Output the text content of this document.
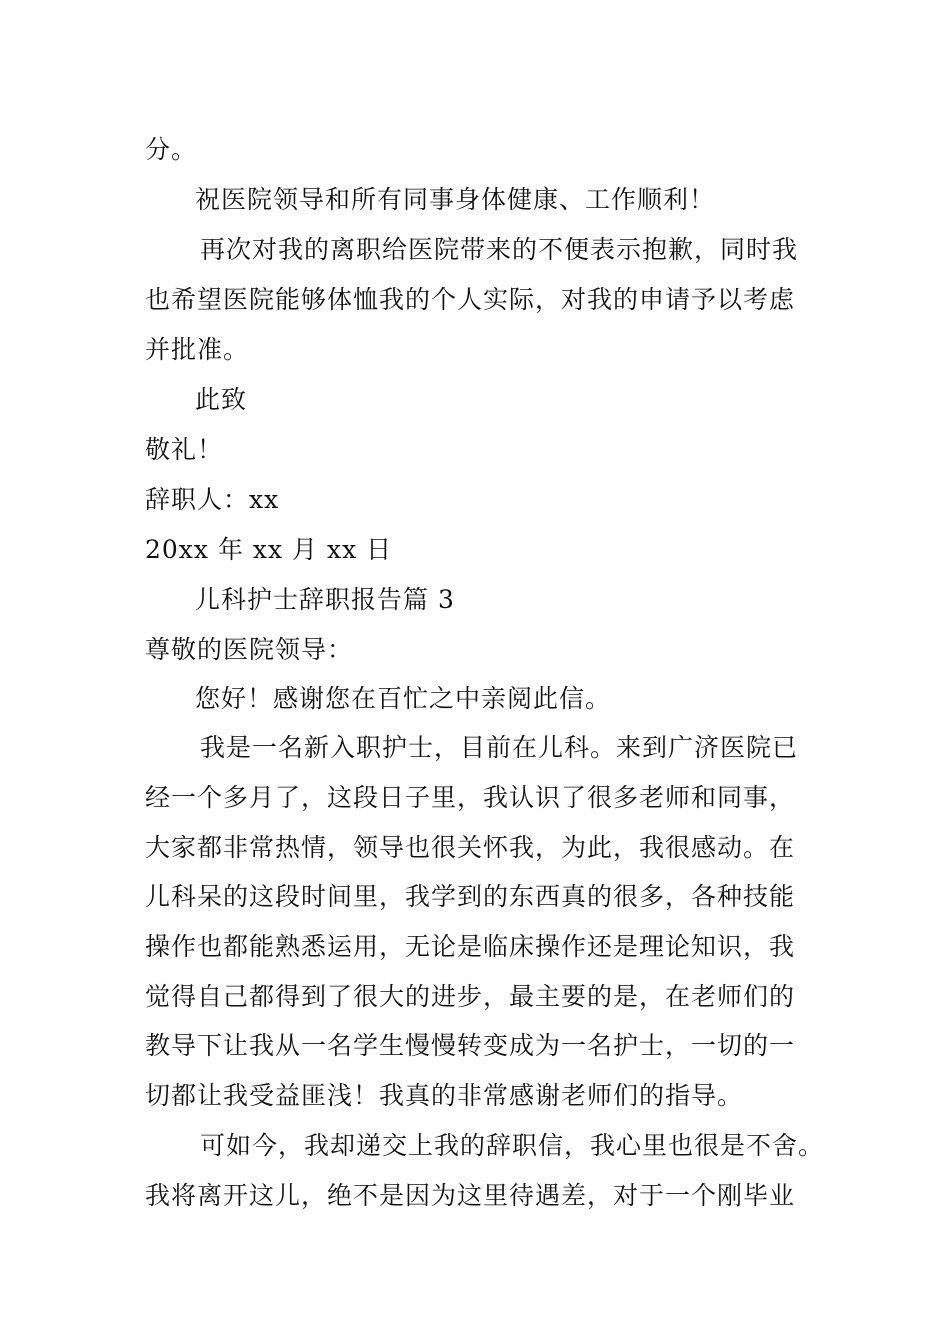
分。
祝医院领导和所有同事身体健康、工作顺利！
再次对我的离职给医院带来的不便表示抱歉，同时我
也希望医院能够体恤我的个人实际，对我的申请予以考虑
并批准。
此致
敬礼！
辞职人：xx
20xx 年 xx 月 xx 日
儿科护士辞职报告篇 3
尊敬的医院领导：
您好！感谢您在百忙之中亲阅此信。
我是一名新入职护士，目前在儿科。来到广济医院已
经一个多月了，这段日子里，我认识了很多老师和同事，
大家都非常热情，领导也很关怀我，为此，我很感动。在
儿科呆的这段时间里，我学到的东西真的很多，各种技能
操作也都能熟悉运用，无论是临床操作还是理论知识，我
觉得自己都得到了很大的进步，最主要的是，在老师们的
教导下让我从一名学生慢慢转变成为一名护士，一切的一
切都让我受益匪浅！我真的非常感谢老师们的指导。
可如今，我却递交上我的辞职信，我心里也很是不舍。
我将离开这儿，绝不是因为这里待遇差，对于一个刚毕业
